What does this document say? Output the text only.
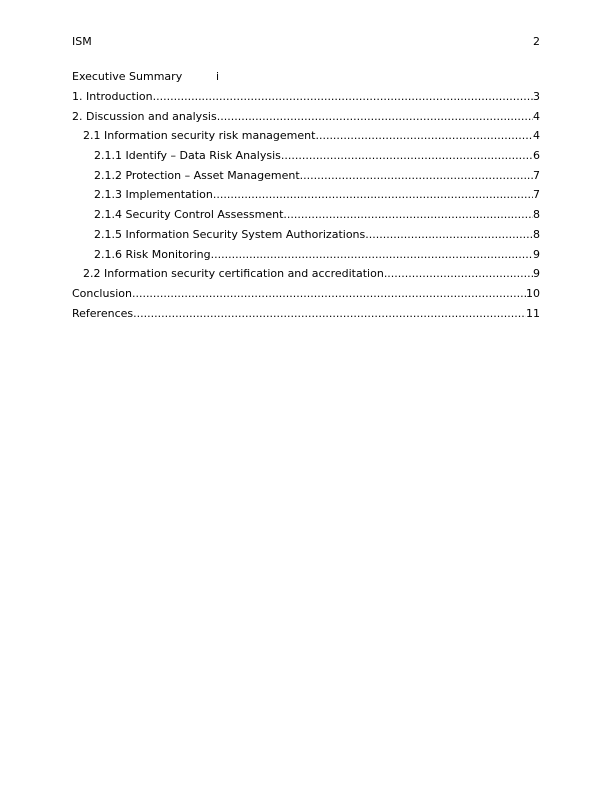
ISM	2
Executive Summary	i
1. Introduction .....	3
2. Discussion and analysis .....	4
2.1 Information security risk management .....	4
2.1.1 Identify – Data Risk Analysis .....	6
2.1.2 Protection – Asset Management .....	7
2.1.3 Implementation .....	7
2.1.4 Security Control Assessment .....	8
2.1.5 Information Security System Authorizations .....	8
2.1.6 Risk Monitoring .....	9
2.2 Information security certification and accreditation .....	9
Conclusion .....	10
References .....	11
